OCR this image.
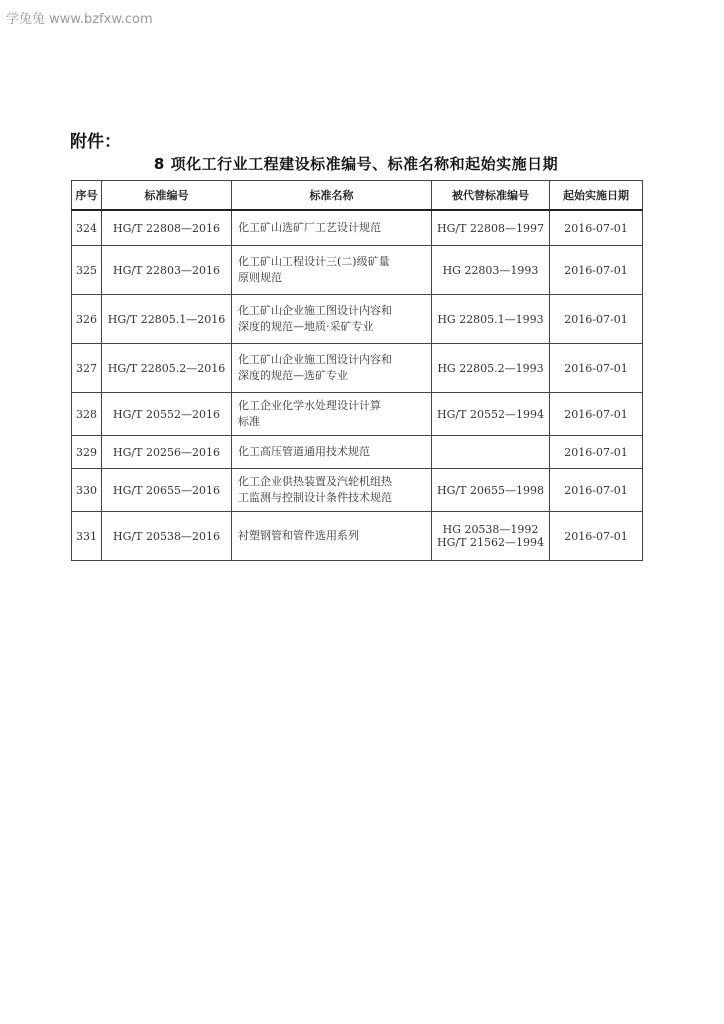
学兔兔 www.bzfxw.com
附件：
8 项化工行业工程建设标准编号、标准名称和起始实施日期
序号	标准编号	标准名称	被代替标准编号	起始实施日期
324	HG/T 22808—2016	化工矿山选矿厂工艺设计规范	HG/T 22808—1997	2016-07-01
325	HG/T 22803—2016	化工矿山工程设计三(二)级矿量
原则规范	HG 22803—1993	2016-07-01
326	HG/T 22805.1—2016	化工矿山企业施工图设计内容和
深度的规范—地质·采矿专业	HG 22805.1—1993	2016-07-01
327	HG/T 22805.2—2016	化工矿山企业施工图设计内容和
深度的规范—选矿专业	HG 22805.2—1993	2016-07-01
328	HG/T 20552—2016	化工企业化学水处理设计计算
标准	HG/T 20552—1994	2016-07-01
329	HG/T 20256—2016	化工高压管道通用技术规范		2016-07-01
330	HG/T 20655—2016	化工企业供热装置及汽轮机组热
工监测与控制设计条件技术规范	HG/T 20655—1998	2016-07-01
331	HG/T 20538—2016	衬塑钢管和管件选用系列	HG 20538—1992
HG/T 21562—1994	2016-07-01
